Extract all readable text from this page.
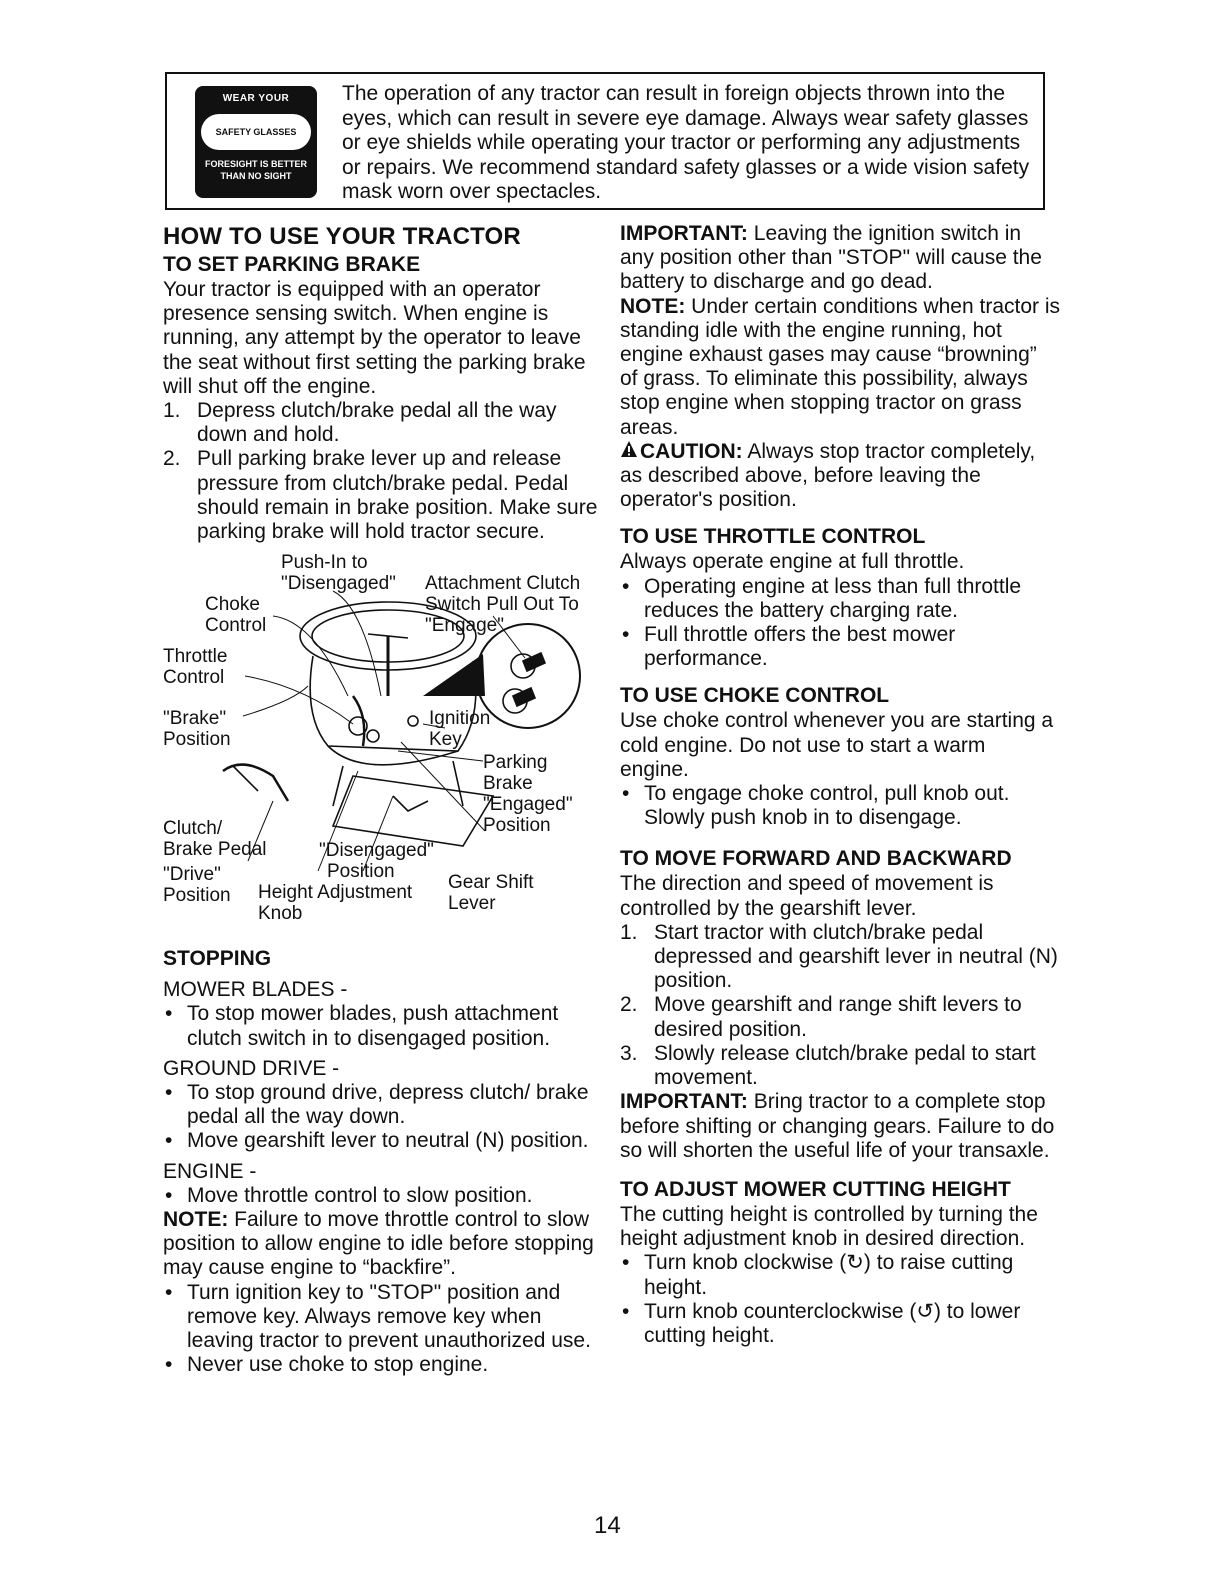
WEAR YOUR
SAFETY GLASSES
FORESIGHT IS BETTER
THAN NO SIGHT
The operation of any tractor can result in foreign objects thrown into the eyes, which can result in severe eye damage. Always wear safety glasses or eye shields while operating your tractor or performing any adjustments or repairs. We recommend standard safety glasses or a wide vision safety mask worn over spectacles.
HOW TO USE YOUR TRACTOR
TO SET PARKING BRAKE

Your tractor is equipped with an operator presence sensing switch. When engine is running, any attempt by the operator to leave the seat without first setting the parking brake will shut off the engine.

1. Depress clutch/brake pedal all the way down and hold.
2. Pull parking brake lever up and release pressure from clutch/brake pedal. Pedal should remain in brake position. Make sure parking brake will hold tractor secure.
Push-In to
"Disengaged" Attachment Clutch
Switch Pull Out To
"Engage"
Choke
Control
Throttle
Control
"Brake"
Position
Ignition
Key
Parking
Brake
"Engaged"
Position
Clutch/
Brake Pedal
"Drive"
Position
"Disengaged"
Position
Height Adjustment
Knob
Gear Shift
Lever
STOPPING

MOWER BLADES -

• To stop mower blades, push attachment clutch switch in to disengaged position.

GROUND DRIVE -

• To stop ground drive, depress clutch/ brake pedal all the way down.
• Move gearshift lever to neutral (N) position.

ENGINE -

• Move throttle control to slow position.

NOTE: Failure to move throttle control to slow position to allow engine to idle before stopping may cause engine to “backfire”.

• Turn ignition key to "STOP" position and remove key. Always remove key when leaving tractor to prevent unauthorized use.
• Never use choke to stop engine.

IMPORTANT: Leaving the ignition switch in any position other than "STOP" will cause the battery to discharge and go dead.

NOTE: Under certain conditions when tractor is standing idle with the engine running, hot engine exhaust gases may cause “browning” of grass. To eliminate this possibility, always stop engine when stopping tractor on grass areas.

CAUTION: Always stop tractor completely, as described above, before leaving the operator's position.

TO USE THROTTLE CONTROL

Always operate engine at full throttle.

• Operating engine at less than full throttle reduces the battery charging rate.
• Full throttle offers the best mower performance.
TO USE CHOKE CONTROL

Use choke control whenever you are starting a cold engine. Do not use to start a warm engine.

• To engage choke control, pull knob out. Slowly push knob in to disengage.
TO MOVE FORWARD AND BACKWARD

The direction and speed of movement is controlled by the gearshift lever.

1. Start tractor with clutch/brake pedal depressed and gearshift lever in neutral (N) position.
2. Move gearshift and range shift levers to desired position.
3. Slowly release clutch/brake pedal to start movement.

IMPORTANT: Bring tractor to a complete stop before shifting or changing gears. Failure to do so will shorten the useful life of your transaxle.

TO ADJUST MOWER CUTTING HEIGHT

The cutting height is controlled by turning the height adjustment knob in desired direction.

• Turn knob clockwise (↻) to raise cutting height.
• Turn knob counterclockwise (↺) to lower cutting height.
14
